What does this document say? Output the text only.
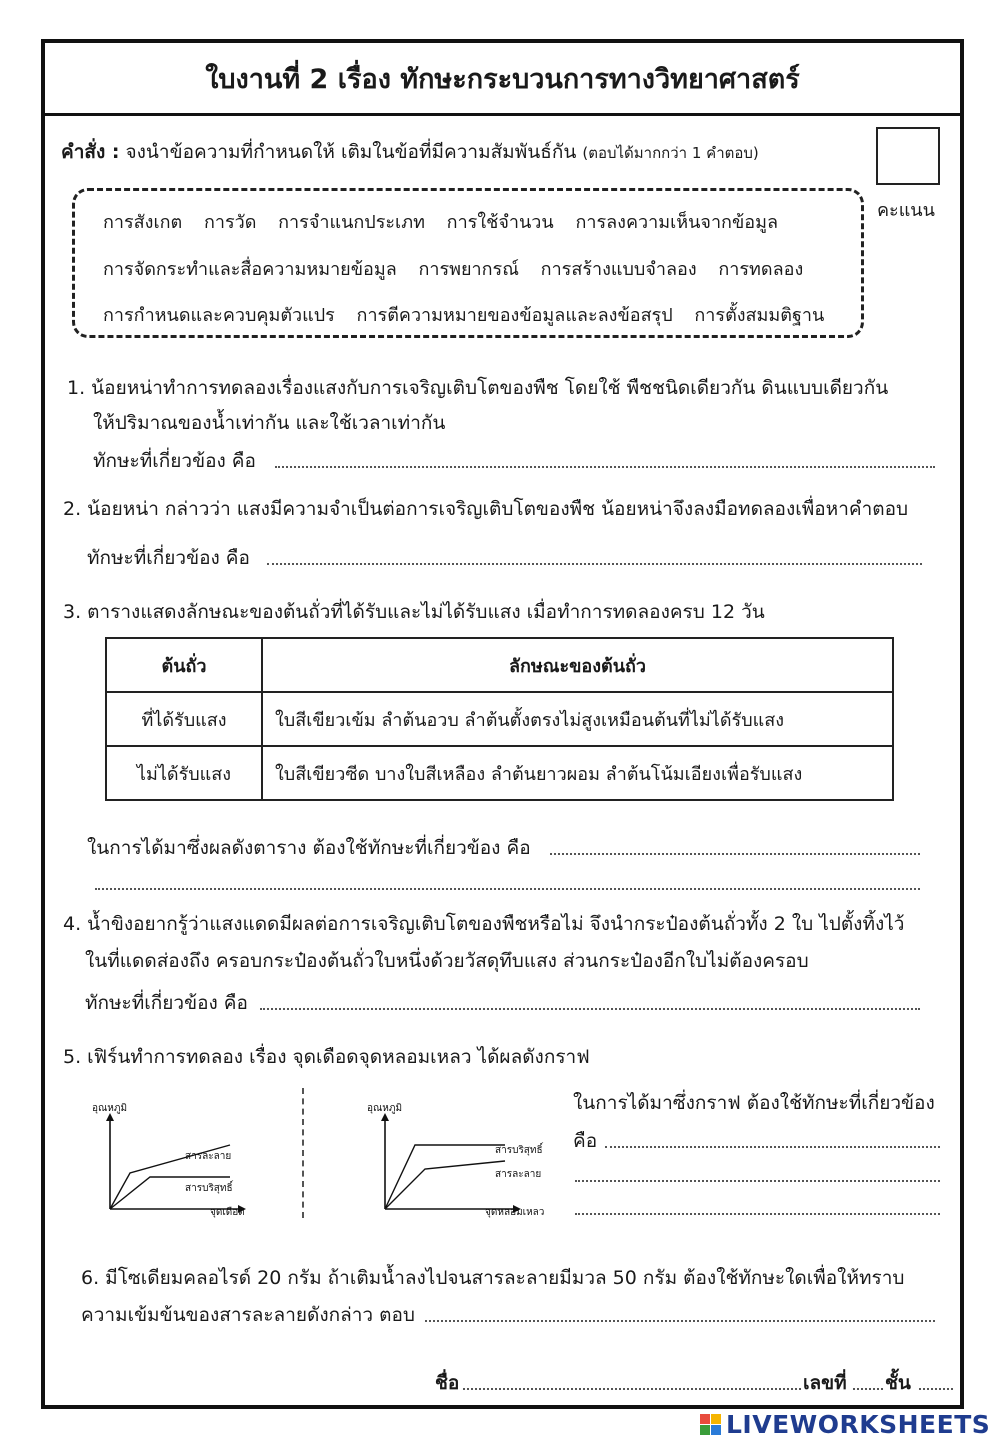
ใบงานที่ 2 เรื่อง ทักษะกระบวนการทางวิทยาศาสตร์
คำสั่ง : จงนำข้อความที่กำหนดให้ เติมในข้อที่มีความสัมพันธ์กัน (ตอบได้มากกว่า 1 คำตอบ)
คะแนน
การสังเกต การวัด การจำแนกประเภท การใช้จำนวน การลงความเห็นจากข้อมูล
การจัดกระทำและสื่อความหมายข้อมูล การพยากรณ์ การสร้างแบบจำลอง การทดลอง
การกำหนดและควบคุมตัวแปร การตีความหมายของข้อมูลและลงข้อสรุป การตั้งสมมติฐาน
1. น้อยหน่าทำการทดลองเรื่องแสงกับการเจริญเติบโตของพืช โดยใช้ พืชชนิดเดียวกัน ดินแบบเดียวกัน
ให้ปริมาณของน้ำเท่ากัน และใช้เวลาเท่ากัน
ทักษะที่เกี่ยวข้อง คือ
2. น้อยหน่า กล่าวว่า แสงมีความจำเป็นต่อการเจริญเติบโตของพืช น้อยหน่าจึงลงมือทดลองเพื่อหาคำตอบ
ทักษะที่เกี่ยวข้อง คือ
3. ตารางแสดงลักษณะของต้นถั่วที่ได้รับและไม่ได้รับแสง เมื่อทำการทดลองครบ 12 วัน
ต้นถั่ว	ลักษณะของต้นถั่ว
ที่ได้รับแสง	ใบสีเขียวเข้ม ลำต้นอวบ ลำต้นตั้งตรงไม่สูงเหมือนต้นที่ไม่ได้รับแสง
ไม่ได้รับแสง	ใบสีเขียวซีด บางใบสีเหลือง ลำต้นยาวผอม ลำต้นโน้มเอียงเพื่อรับแสง
ในการได้มาซึ่งผลดังตาราง ต้องใช้ทักษะที่เกี่ยวข้อง คือ
4. น้ำขิงอยากรู้ว่าแสงแดดมีผลต่อการเจริญเติบโตของพืชหรือไม่ จึงนำกระป๋องต้นถั่วทั้ง 2 ใบ ไปตั้งทิ้งไว้
ในที่แดดส่องถึง ครอบกระป๋องต้นถั่วใบหนึ่งด้วยวัสดุทึบแสง ส่วนกระป๋องอีกใบไม่ต้องครอบ
ทักษะที่เกี่ยวข้อง คือ
5. เฟิร์นทำการทดลอง เรื่อง จุดเดือดจุดหลอมเหลว ได้ผลดังกราฟ
อุณหภูมิ
จุดเดือด
สารละลาย
สารบริสุทธิ์
อุณหภูมิ
จุดหลอมเหลว
สารบริสุทธิ์
สารละลาย
ในการได้มาซึ่งกราฟ ต้องใช้ทักษะที่เกี่ยวข้อง
คือ
6. มีโซเดียมคลอไรด์ 20 กรัม ถ้าเติมน้ำลงไปจนสารละลายมีมวล 50 กรัม ต้องใช้ทักษะใดเพื่อให้ทราบ
ความเข้มข้นของสารละลายดังกล่าว ตอบ
ชื่อ	เลขที่ ชั้น
LIVEWORKSHEETS
